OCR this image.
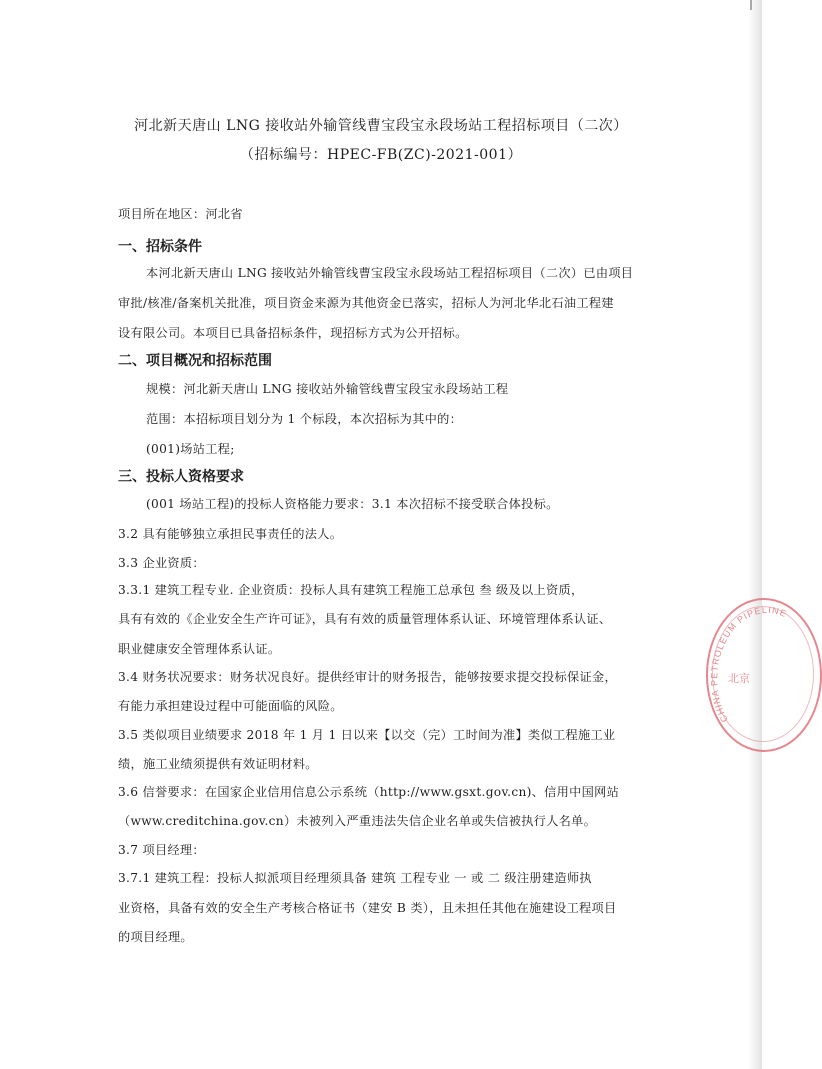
河北新天唐山 LNG 接收站外输管线曹宝段宝永段场站工程招标项目（二次）
（招标编号：HPEC-FB(ZC)-2021-001）
项目所在地区：河北省
一、招标条件
本河北新天唐山 LNG 接收站外输管线曹宝段宝永段场站工程招标项目（二次）已由项目
审批/核准/备案机关批准，项目资金来源为其他资金已落实，招标人为河北华北石油工程建
设有限公司。本项目已具备招标条件，现招标方式为公开招标。
二、项目概况和招标范围
规模：河北新天唐山 LNG 接收站外输管线曹宝段宝永段场站工程
范围：本招标项目划分为 1 个标段，本次招标为其中的：
(001)场站工程;
三、投标人资格要求
(001 场站工程)的投标人资格能力要求：3.1 本次招标不接受联合体投标。
3.2 具有能够独立承担民事责任的法人。
3.3 企业资质：
3.3.1 建筑工程专业. 企业资质：投标人具有建筑工程施工总承包 叁 级及以上资质，
具有有效的《企业安全生产许可证》，具有有效的质量管理体系认证、环境管理体系认证、
职业健康安全管理体系认证。
3.4 财务状况要求：财务状况良好。提供经审计的财务报告，能够按要求提交投标保证金，
有能力承担建设过程中可能面临的风险。
3.5 类似项目业绩要求 2018 年 1 月 1 日以来【以交（完）工时间为准】类似工程施工业
绩，施工业绩须提供有效证明材料。
3.6 信誉要求：在国家企业信用信息公示系统（http://www.gsxt.gov.cn)、信用中国网站
（www.creditchina.gov.cn）未被列入严重违法失信企业名单或失信被执行人名单。
3.7 项目经理：
3.7.1 建筑工程：投标人拟派项目经理须具备 建筑 工程专业 一 或 二 级注册建造师执
业资格，具备有效的安全生产考核合格证书（建安 B 类），且未担任其他在施建设工程项目
的项目经理。
CHINA PETROLEUM PIPELINE
北京
